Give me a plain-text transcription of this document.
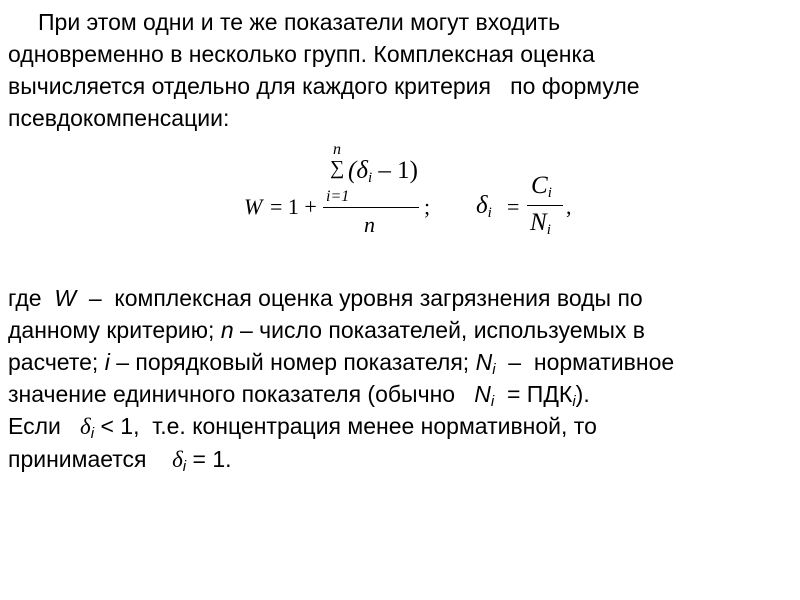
При этом одни и те же показатели могут входить
одновременно в несколько групп. Комплексная оценка
вычисляется отдельно для каждого критерия   по формуле
псевдокомпенсации:
W = 1 +
n
∑
i=1
$(\delta_i - 1)$
n
; $\delta_i$ =
$C_i$
$N_i$
,
где  W  –  комплексная оценка уровня загрязнения воды по
данному критерию; n – число показателей, используемых в
расчете; i – порядковый номер показателя; $N_i$  –  нормативное
значение единичного показателя (обычно   $N_i = ПДК_i$).
Если   $\delta_i < 1$,  т.е. концентрация менее нормативной, то
принимается    $\delta_i = 1$.
